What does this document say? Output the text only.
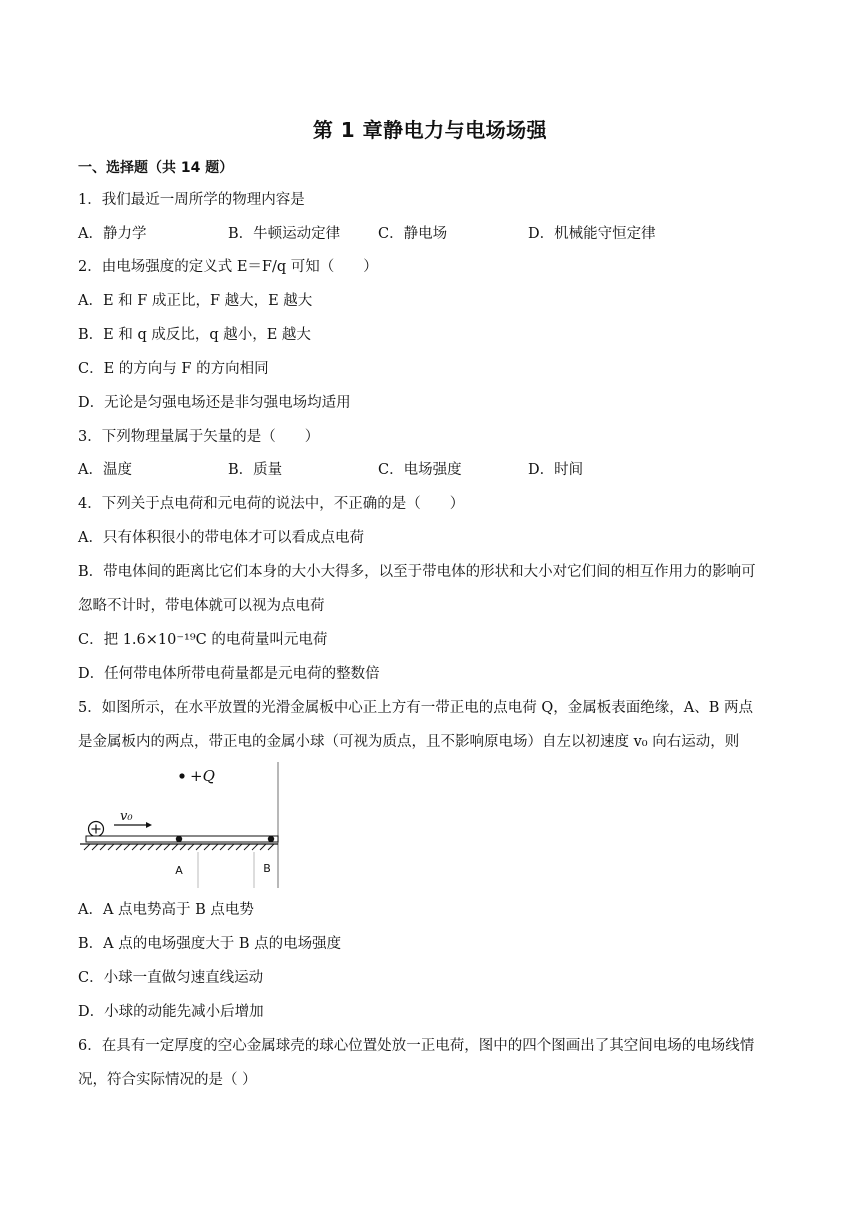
第 1 章静电力与电场场强
一、选择题（共 14 题）
1．我们最近一周所学的物理内容是
A．静力学	B．牛顿运动定律	C．静电场	D．机械能守恒定律
2．由电场强度的定义式 E＝F/q 可知（　　）
A．E 和 F 成正比，F 越大，E 越大
B．E 和 q 成反比，q 越小，E 越大
C．E 的方向与 F 的方向相同
D．无论是匀强电场还是非匀强电场均适用
3．下列物理量属于矢量的是（　　）
A．温度	B．质量	C．电场强度	D．时间
4．下列关于点电荷和元电荷的说法中，不正确的是（　　）
A．只有体积很小的带电体才可以看成点电荷
B．带电体间的距离比它们本身的大小大得多，以至于带电体的形状和大小对它们间的相互作用力的影响可
忽略不计时，带电体就可以视为点电荷
C．把 1.6×10⁻¹⁹C 的电荷量叫元电荷
D．任何带电体所带电荷量都是元电荷的整数倍
5．如图所示，在水平放置的光滑金属板中心正上方有一带正电的点电荷 Q，金属板表面绝缘，A、B 两点
是金属板内的两点，带正电的金属小球（可视为质点，且不影响原电场）自左以初速度 v₀ 向右运动，则
+Q
v₀
A	B
A．A 点电势高于 B 点电势
B．A 点的电场强度大于 B 点的电场强度
C．小球一直做匀速直线运动
D．小球的动能先减小后增加
6．在具有一定厚度的空心金属球壳的球心位置处放一正电荷，图中的四个图画出了其空间电场的电场线情
况，符合实际情况的是（ ）
